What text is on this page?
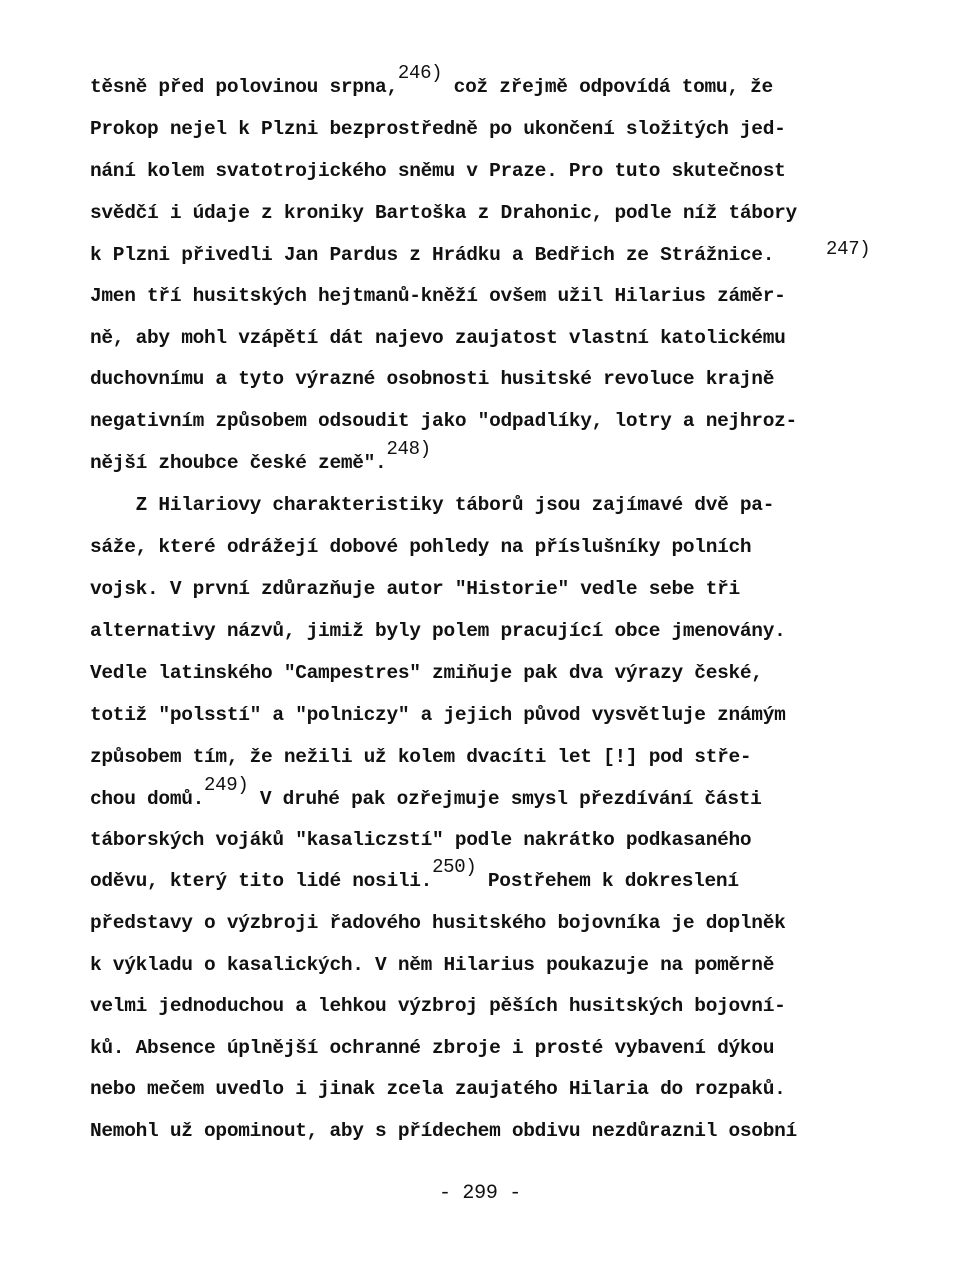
těsně před polovinou srpna,$^{246)}$ což zřejmě odpovídá tomu, že
Prokop nejel k Plzni bezprostředně po ukončení složitých jed-
nání kolem svatotrojického sněmu v Praze. Pro tuto skutečnost
svědčí i údaje z kroniky Bartoška z Drahonic, podle níž tábory
k Plzni přivedli Jan Pardus z Hrádku a Bedřich ze Strážnice.
Jmen tří husitských hejtmanů-kněží ovšem užil Hilarius záměr-
ně, aby mohl vzápětí dát najevo zaujatost vlastní katolickému
duchovnímu a tyto výrazné osobnosti husitské revoluce krajně
negativním způsobem odsoudit jako "odpadlíky, lotry a nejhroz-
nější zhoubce české země".$^{248)}$
Z Hilariovy charakteristiky táborů jsou zajímavé dvě pa-
sáže, které odrážejí dobové pohledy na příslušníky polních
vojsk. V první zdůrazňuje autor "Historie" vedle sebe tři
alternativy názvů, jimiž byly polem pracující obce jmenovány.
Vedle latinského "Campestres" zmiňuje pak dva výrazy české,
totiž "polsstí" a "polniczy" a jejich původ vysvětluje známým
způsobem tím, že nežili už kolem dvacíti let [!] pod stře-
chou domů.$^{249)}$ V druhé pak ozřejmuje smysl přezdívání části
táborských vojáků "kasaliczstí" podle nakrátko podkasaného
oděvu, který tito lidé nosili.$^{250)}$ Postřehem k dokreslení
představy o výzbroji řadového husitského bojovníka je doplněk
k výkladu o kasalických. V něm Hilarius poukazuje na poměrně
velmi jednoduchou a lehkou výzbroj pěších husitských bojovní-
ků. Absence úplnější ochranné zbroje i prosté vybavení dýkou
nebo mečem uvedlo i jinak zcela zaujatého Hilaria do rozpaků.
Nemohl už opominout, aby s přídechem obdivu nezdůraznil osobní
247)
- 299 -
